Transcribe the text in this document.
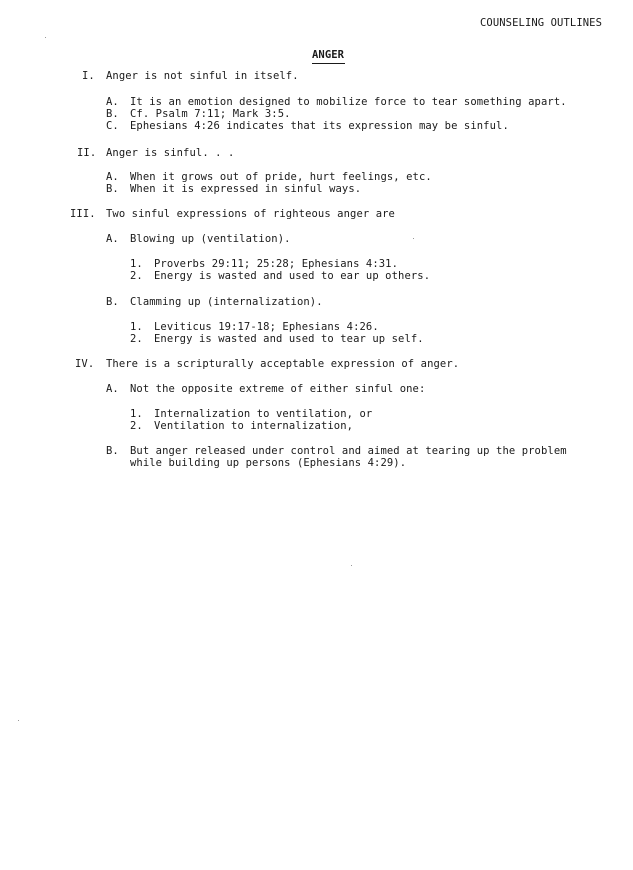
COUNSELING OUTLINES
ANGER
I. Anger is not sinful in itself.
A. It is an emotion designed to mobilize force to tear something apart.
B. Cf. Psalm 7:11; Mark 3:5.
C. Ephesians 4:26 indicates that its expression may be sinful.
II. Anger is sinful. . .
A. When it grows out of pride, hurt feelings, etc.
B. When it is expressed in sinful ways.
III. Two sinful expressions of righteous anger are
A. Blowing up (ventilation).
1. Proverbs 29:11; 25:28; Ephesians 4:31.
2. Energy is wasted and used to ear up others.
B. Clamming up (internalization).
1. Leviticus 19:17-18; Ephesians 4:26.
2. Energy is wasted and used to tear up self.
IV. There is a scripturally acceptable expression of anger.
A. Not the opposite extreme of either sinful one:
1. Internalization to ventilation, or
2. Ventilation to internalization,
B. But anger released under control and aimed at tearing up the problem
while building up persons (Ephesians 4:29).
